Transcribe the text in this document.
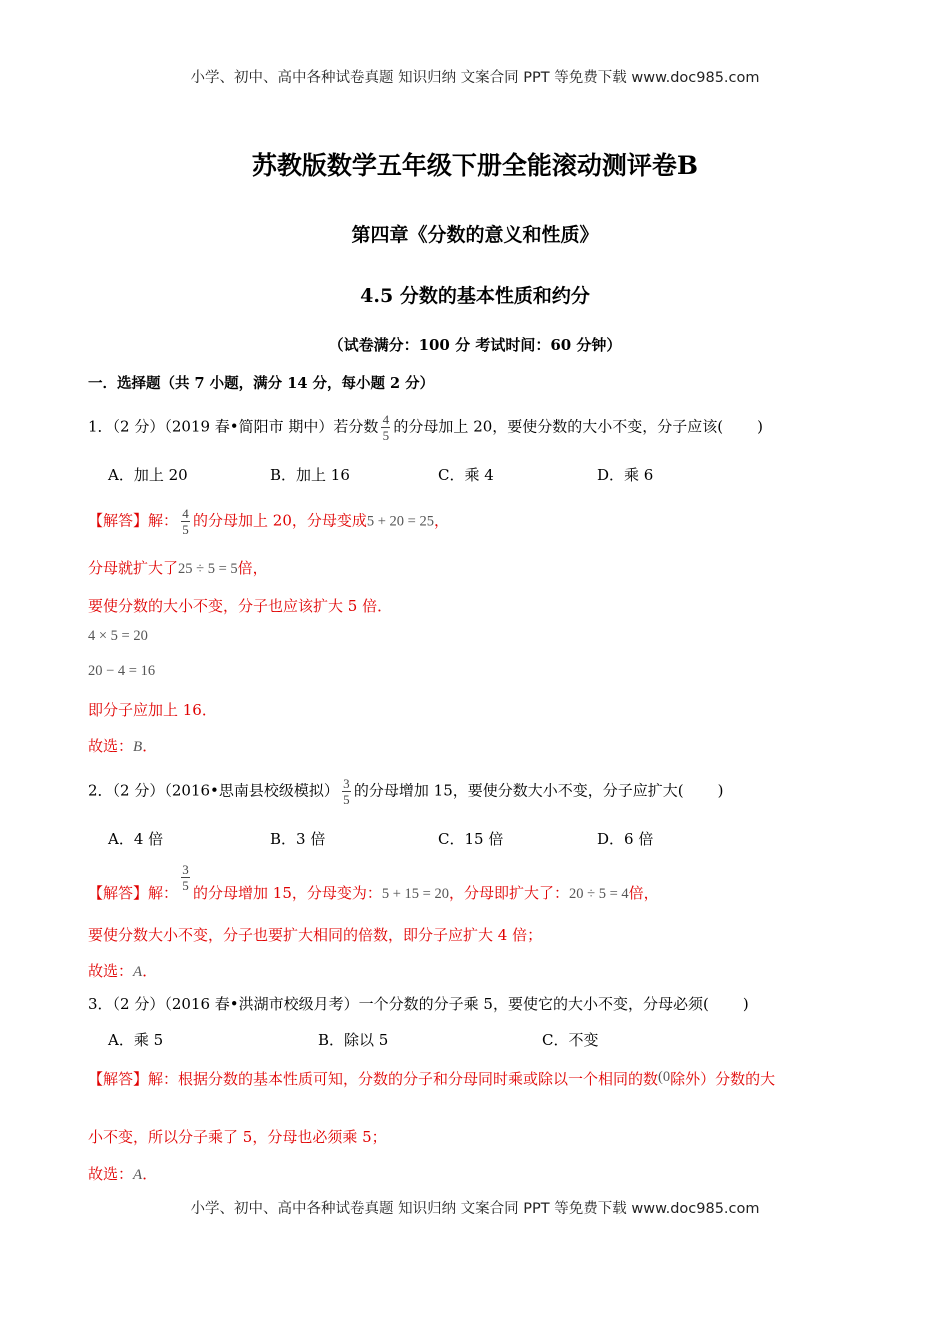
小学、初中、高中各种试卷真题 知识归纳 文案合同 PPT 等免费下载 www.doc985.com
苏教版数学五年级下册全能滚动测评卷B
第四章《分数的意义和性质》
4.5 分数的基本性质和约分
（试卷满分：100 分 考试时间：60 分钟）
一．选择题（共 7 小题，满分 14 分，每小题 2 分）
1．（2 分）（2019 春•简阳市 期中）若分数 $\frac{4}{5}$ 的分母加上 20，要使分数的大小不变，分子应该( )
A．加上 20	B．加上 16	C．乘 4	D．乘 6
【解答】解： $\frac{4}{5}$ 的分母加上 20，分母变成5 + 20 = 25，
分母就扩大了25 ÷ 5 = 5倍，
要使分数的大小不变，分子也应该扩大 5 倍．
4 × 5 = 20
20 − 4 = 16
即分子应加上 16．
故选：B．
2．（2 分）（2016•思南县校级模拟） $\frac{3}{5}$ 的分母增加 15，要使分数大小不变，分子应扩大( )
A．4 倍	B．3 倍	C．15 倍	D．6 倍
【解答】解： $\frac{3}{5}$ 的分母增加 15，分母变为：5 + 15 = 20，分母即扩大了：20 ÷ 5 = 4倍，
要使分数大小不变，分子也要扩大相同的倍数，即分子应扩大 4 倍；
故选：A．
3．（2 分）（2016 春•洪湖市校级月考）一个分数的分子乘 5，要使它的大小不变，分母必须( )
A．乘 5	B．除以 5	C．不变
【解答】解：根据分数的基本性质可知，分数的分子和分母同时乘或除以一个相同的数(0除外）分数的大
小不变，所以分子乘了 5，分母也必须乘 5；
故选：A．
小学、初中、高中各种试卷真题 知识归纳 文案合同 PPT 等免费下载 www.doc985.com
